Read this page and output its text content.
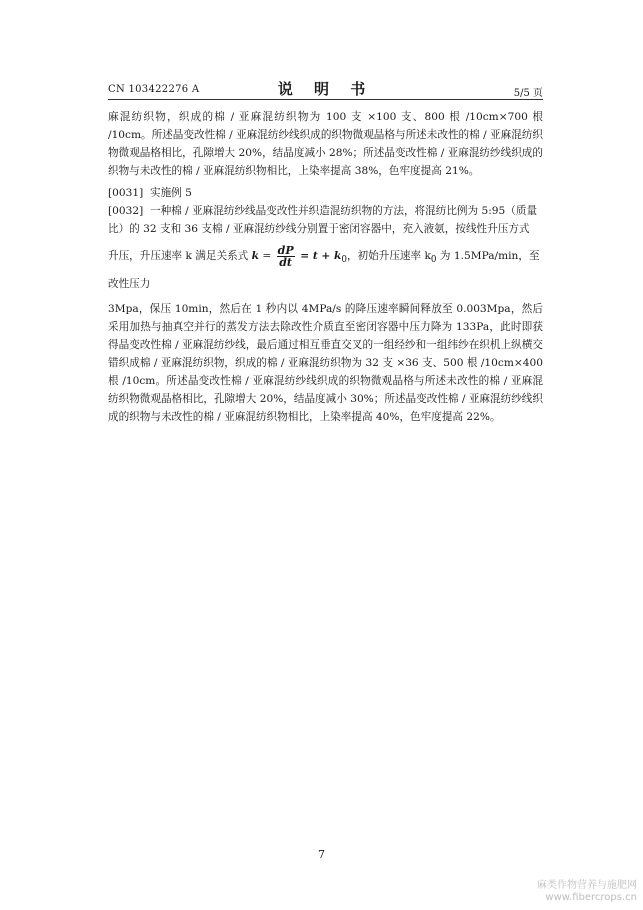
CN 103422276 A	说 明 书	5/5 页

麻混纺织物，织成的棉 / 亚麻混纺织物为 100 支 ×100 支、800 根 /10cm×700 根 /10cm。所述晶变改性棉 / 亚麻混纺纱线织成的织物微观晶格与所述未改性的棉 / 亚麻混纺织物微观晶格相比，孔隙增大 20%，结晶度减小 28%；所述晶变改性棉 / 亚麻混纺纱线织成的织物与未改性的棉 / 亚麻混纺织物相比，上染率提高 38%，色牢度提高 21%。

[0031] 实施例 5

[0032] 一种棉 / 亚麻混纺纱线晶变改性并织造混纺织物的方法，将混纺比例为 5:95（质量比）的 32 支和 36 支棉 / 亚麻混纺纱线分别置于密闭容器中，充入液氨，按线性升压方式
升压，升压速率 k 满足关系式 $k = \frac{dP}{dt} = t + k_0$，初始升压速率 $k_0$ 为 1.5MPa/min，至改性压力

3Mpa，保压 10min，然后在 1 秒内以 4MPa/s 的降压速率瞬间释放至 0.003Mpa，然后采用加热与抽真空并行的蒸发方法去除改性介质直至密闭容器中压力降为 133Pa，此时即获得晶变改性棉 / 亚麻混纺纱线，最后通过相互垂直交叉的一组经纱和一组纬纱在织机上纵横交错织成棉 / 亚麻混纺织物，织成的棉 / 亚麻混纺织物为 32 支 ×36 支、500 根 /10cm×400 根 /10cm。所述晶变改性棉 / 亚麻混纺纱线织成的织物微观晶格与所述未改性的棉 / 亚麻混纺织物微观晶格相比，孔隙增大 20%，结晶度减小 30%；所述晶变改性棉 / 亚麻混纺纱线织成的织物与未改性的棉 / 亚麻混纺织物相比，上染率提高 40%，色牢度提高 22%。

7
麻类作物营养与施肥网
www.fibercrops.cn
